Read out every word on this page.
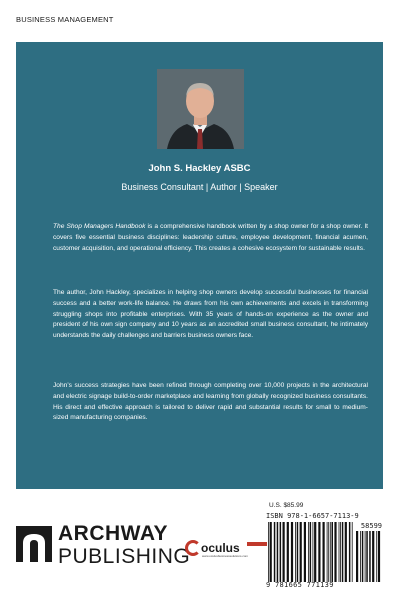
BUSINESS MANAGEMENT
John S. Hackley ASBC
Business Consultant | Author | Speaker

The Shop Managers Handbook is a comprehensive handbook written by a shop owner for a shop owner. It covers five essential business disciplines: leadership culture, employee development, financial acumen, customer acquisition, and operational efficiency. This creates a cohesive ecosystem for sustainable results.

The author, John Hackley, specializes in helping shop owners develop successful businesses for financial success and a better work-life balance. He draws from his own achievements and excels in transforming struggling shops into profitable enterprises. With 35 years of hands-on experience as the owner and president of his own sign company and 10 years as an accredited small business consultant, he intimately understands the daily challenges and barriers business owners face.

John’s success strategies have been refined through completing over 10,000 projects in the architectural and electric signage build-to-order marketplace and learning from globally recognized business consultants. His direct and effective approach is tailored to deliver rapid and substantial results for small to medium-sized manufacturing companies.

ARCHWAY
PUBLISHING oculus
www.oculusbusinesssolutions.com
U.S. $85.99
ISBN 978-1-6657-7113-9
58599
9 781665 771139
